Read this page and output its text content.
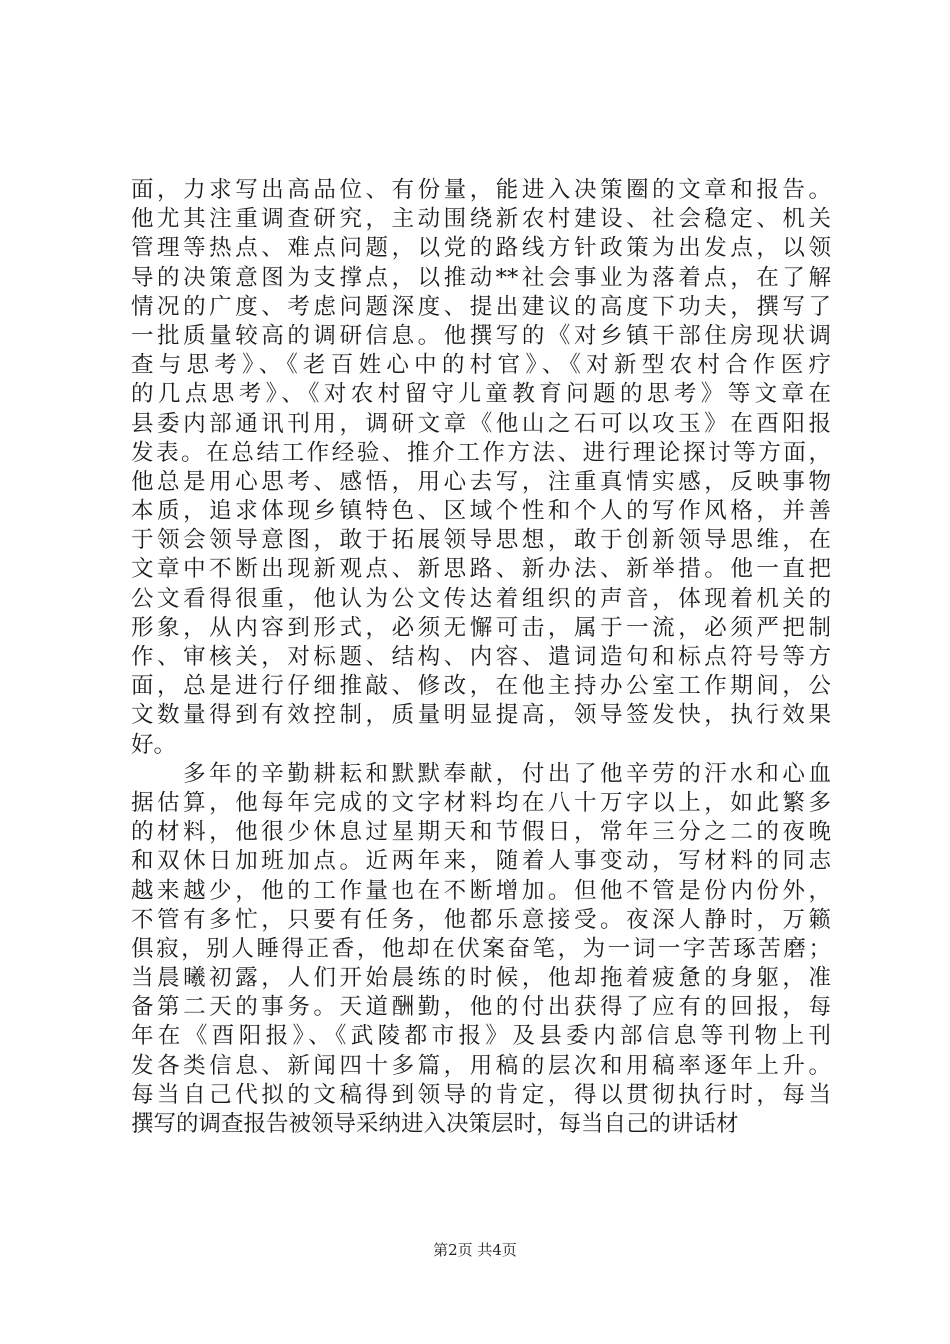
面，力求写出高品位、有份量，能进入决策圈的文章和报告。
他尤其注重调查研究，主动围绕新农村建设、社会稳定、机关
管理等热点、难点问题，以党的路线方针政策为出发点，以领
导的决策意图为支撑点，以推动**社会事业为落着点，在了解
情况的广度、考虑问题深度、提出建议的高度下功夫，撰写了
一批质量较高的调研信息。他撰写的《对乡镇干部住房现状调
查与思考》、《老百姓心中的村官》、《对新型农村合作医疗
的几点思考》、《对农村留守儿童教育问题的思考》等文章在
县委内部通讯刊用，调研文章《他山之石可以攻玉》在酉阳报
发表。在总结工作经验、推介工作方法、进行理论探讨等方面，
他总是用心思考、感悟，用心去写，注重真情实感，反映事物
本质，追求体现乡镇特色、区域个性和个人的写作风格，并善
于领会领导意图，敢于拓展领导思想，敢于创新领导思维，在
文章中不断出现新观点、新思路、新办法、新举措。他一直把
公文看得很重，他认为公文传达着组织的声音，体现着机关的
形象，从内容到形式，必须无懈可击，属于一流，必须严把制
作、审核关，对标题、结构、内容、遣词造句和标点符号等方
面，总是进行仔细推敲、修改，在他主持办公室工作期间，公
文数量得到有效控制，质量明显提高，领导签发快，执行效果
好。
　　多年的辛勤耕耘和默默奉献，付出了他辛劳的汗水和心血
据估算，他每年完成的文字材料均在八十万字以上，如此繁多
的材料，他很少休息过星期天和节假日，常年三分之二的夜晚
和双休日加班加点。近两年来，随着人事变动，写材料的同志
越来越少，他的工作量也在不断增加。但他不管是份内份外，
不管有多忙，只要有任务，他都乐意接受。夜深人静时，万籁
俱寂，别人睡得正香，他却在伏案奋笔，为一词一字苦琢苦磨；
当晨曦初露，人们开始晨练的时候，他却拖着疲惫的身躯，准
备第二天的事务。天道酬勤，他的付出获得了应有的回报，每
年在《酉阳报》、《武陵都市报》及县委内部信息等刊物上刊
发各类信息、新闻四十多篇，用稿的层次和用稿率逐年上升。
每当自己代拟的文稿得到领导的肯定，得以贯彻执行时，每当
撰写的调查报告被领导采纳进入决策层时，每当自己的讲话材
第2页 共4页
